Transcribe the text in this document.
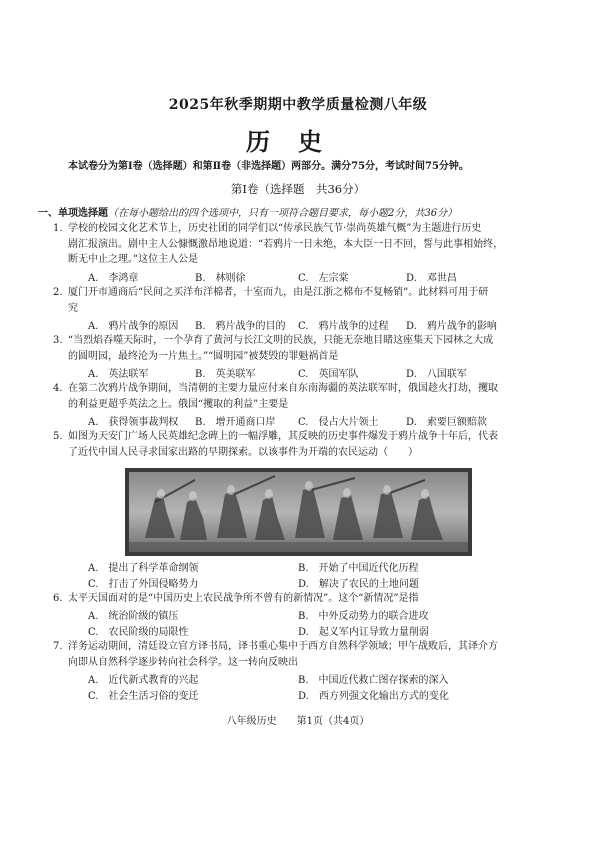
2025年秋季期期中教学质量检测八年级
历史
本试卷分为第Ⅰ卷（选择题）和第Ⅱ卷（非选择题）两部分。满分75分，考试时间75分钟。
第Ⅰ卷（选择题　共36分）
一、单项选择题（在每小题给出的四个选项中，只有一项符合题目要求，每小题2分，共36分）
1. 学校的校园文化艺术节上，历史社团的同学们以“传承民族气节·崇尚英雄气概”为主题进行历史
剧汇报演出。剧中主人公慷慨激昂地说道：“若鸦片一日未绝，本大臣一日不回，誓与此事相始终，
断无中止之理。”这位主人公是
A.　李鸿章	B.　林则徐	C.　左宗棠	D.　邓世昌
2. 厦门开市通商后“民间之买洋布洋棉者，十室而九，由是江浙之棉布不复畅销”。此材料可用于研
究
A.　鸦片战争的原因 B.　鸦片战争的目的 C.　鸦片战争的过程 D.　鸦片战争的影响
3. “当烈焰吞噬天际时，一个孕育了黄河与长江文明的民族，只能无奈地目睹这座集天下园林之大成
的圆明园，最终沦为一片焦土。”“圆明园”被焚毁的罪魁祸首是
A.　英法联军	B.　英美联军	C.　英国军队	D.　八国联军
4. 在第二次鸦片战争期间，当清朝的主要力量应付来自东南海疆的英法联军时，俄国趁火打劫，攫取
的利益更超乎英法之上。俄国“攫取的利益”主要是
A.　获得领事裁判权 B.　增开通商口岸 C.　侵占大片领土	D.　索要巨额赔款
5. 如图为天安门广场人民英雄纪念碑上的一幅浮雕，其反映的历史事件爆发于鸦片战争十年后，代表
了近代中国人民寻求国家出路的早期探索。以该事件为开端的农民运动（　　）
A.　提出了科学革命纲领	B.　开始了中国近代化历程
C.　打击了外国侵略势力	D.　解决了农民的土地问题
6. 太平天国面对的是“中国历史上农民战争所不曾有的新情况”。这个“新情况”是指
A.　统治阶级的镇压	B.　中外反动势力的联合进攻
C.　农民阶级的局限性	D.　起义军内讧导致力量削弱
7. 洋务运动期间，清廷设立官方译书局，译书重心集中于西方自然科学领域；甲午战败后，其译介方
向即从自然科学逐步转向社会科学。这一转向反映出
A.　近代新式教育的兴起	B.　中国近代救亡图存探索的深入
C.　社会生活习俗的变迁	D.　西方列强文化输出方式的变化
八年级历史　　第1页（共4页）
